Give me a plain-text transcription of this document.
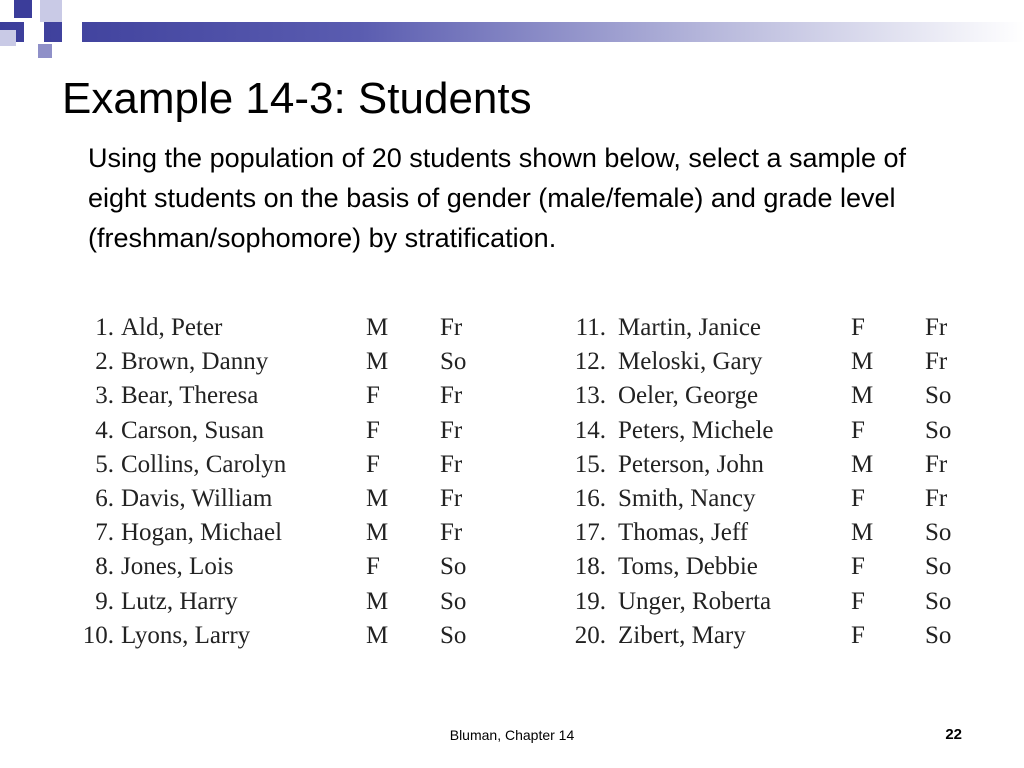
Example 14-3: Students

Using the population of 20 students shown below, select a sample of eight students on the basis of gender (male/female) and grade level (freshman/sophomore) by stratification.

1. Ald, Peter	M Fr
2. Brown, Danny	M So
3. Bear, Theresa	F Fr
4. Carson, Susan	F Fr
5. Collins, Carolyn	F Fr
6. Davis, William	M Fr
7. Hogan, Michael	M Fr
8. Jones, Lois	F So
9. Lutz, Harry	M So
10. Lyons, Larry	M So
11. Martin, Janice	F Fr
12. Meloski, Gary	M Fr
13. Oeler, George	M So
14. Peters, Michele	F So
15. Peterson, John	M Fr
16. Smith, Nancy	F Fr
17. Thomas, Jeff	M So
18. Toms, Debbie	F So
19. Unger, Roberta	F So
20. Zibert, Mary	F So
Bluman, Chapter 14	22
